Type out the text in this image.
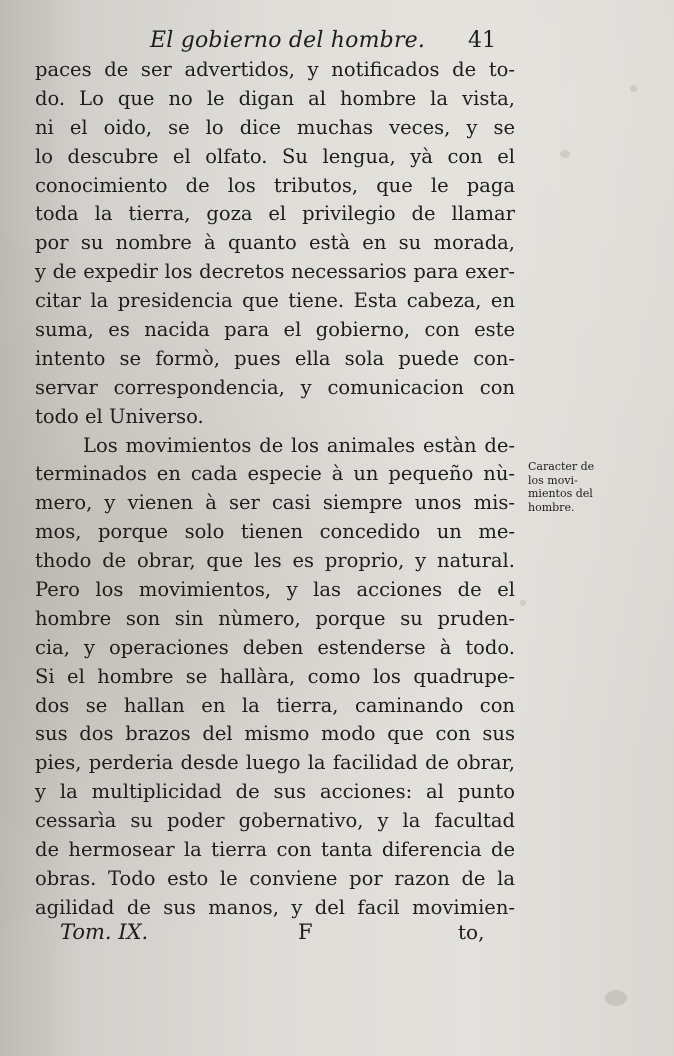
El gobierno del hombre. 41
paces de ser advertidos, y notificados de to-
do. Lo que no le digan al hombre la vista,
ni el oido, se lo dice muchas veces, y se
lo descubre el olfato. Su lengua, yà con el
conocimiento de los tributos, que le paga
toda la tierra, goza el privilegio de llamar
por su nombre à quanto està en su morada,
y de expedir los decretos necessarios para exer-
citar la presidencia que tiene. Esta cabeza, en
suma, es nacida para el gobierno, con este
intento se formò, pues ella sola puede con-
servar correspondencia, y comunicacion con
todo el Universo.
Los movimientos de los animales estàn de-
terminados en cada especie à un pequeño nù-
mero, y vienen à ser casi siempre unos mis-
mos, porque solo tienen concedido un me-
thodo de obrar, que les es proprio, y natural.
Pero los movimientos, y las acciones de el
hombre son sin nùmero, porque su pruden-
cia, y operaciones deben estenderse à todo.
Si el hombre se hallàra, como los quadrupe-
dos se hallan en la tierra, caminando con
sus dos brazos del mismo modo que con sus
pies, perderia desde luego la facilidad de obrar,
y la multiplicidad de sus acciones: al punto
cessarìa su poder gobernativo, y la facultad
de hermosear la tierra con tanta diferencia de
obras. Todo esto le conviene por razon de la
agilidad de sus manos, y del facil movimien-
Caracter de
los movi-
mientos del
hombre.
Tom. IX.	F	to,
